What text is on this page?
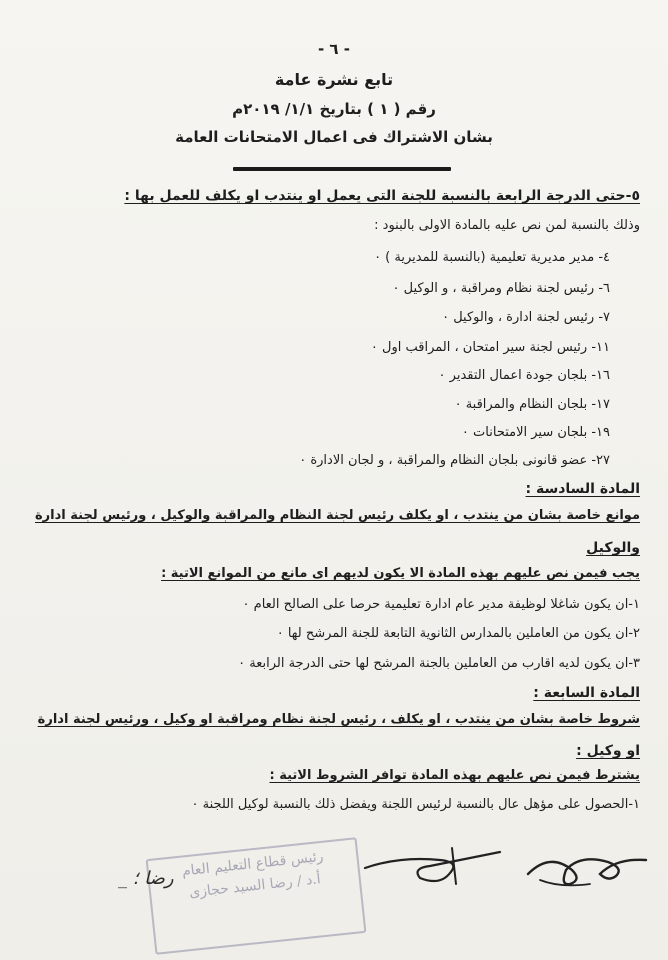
- ٦ -
تابع نشرة عامة
رقم ( ١ ) بتاريخ ١/١/ ٢٠١٩م
بشان الاشتراك فى اعمال الامتحانات العامة
٥-حتى الدرجة الرابعة بالنسبة للجنة التى يعمل او ينتدب او يكلف للعمل بها :
وذلك بالنسبة لمن نص عليه بالمادة الاولى بالبنود :
٤- مدير مديرية تعليمية (بالنسبة للمديرية ) ٠
٦- رئيس لجنة نظام ومراقبة ، و الوكيل ٠
٧- رئيس لجنة ادارة ، والوكيل ٠
١١- رئيس لجنة سير امتحان ، المراقب اول ٠
١٦- بلجان جودة اعمال التقدير ٠
١٧- بلجان النظام والمراقبة ٠
١٩- بلجان سير الامتحانات ٠
٢٧- عضو قانونى بلجان النظام والمراقبة ، و لجان الادارة ٠
المادة السادسة :
موانع خاصة بشان من ينتدب ، او يكلف رئيس لجنة النظام والمراقبة والوكيل ، ورئيس لجنة ادارة
والوكيل
يجب فيمن نص عليهم بهذه المادة الا يكون لديهم اى مانع من الموانع الاتية :
١-ان يكون شاغلا لوظيفة مدير عام ادارة تعليمية حرصا على الصالح العام ٠
٢-ان يكون من العاملين بالمدارس الثانوية التابعة للجنة المرشح لها ٠
٣-ان يكون لديه اقارب من العاملين بالجنة المرشح لها حتى الدرجة الرابعة ٠
المادة السابعة :
شروط خاصة بشان من ينتدب ، او يكلف ، رئيس لجنة نظام ومراقبة او وكيل ، ورئيس لجنة ادارة
او وكيل :
يشترط فيمن نص عليهم بهذه المادة توافر الشروط الاتية :
١-الحصول على مؤهل عال بالنسبة لرئيس اللجنة ويفضل ذلك بالنسبة لوكيل اللجنة ٠
رئيس قطاع التعليم العام
أ.د / رضا السيد حجازى
رضا ؛ _
